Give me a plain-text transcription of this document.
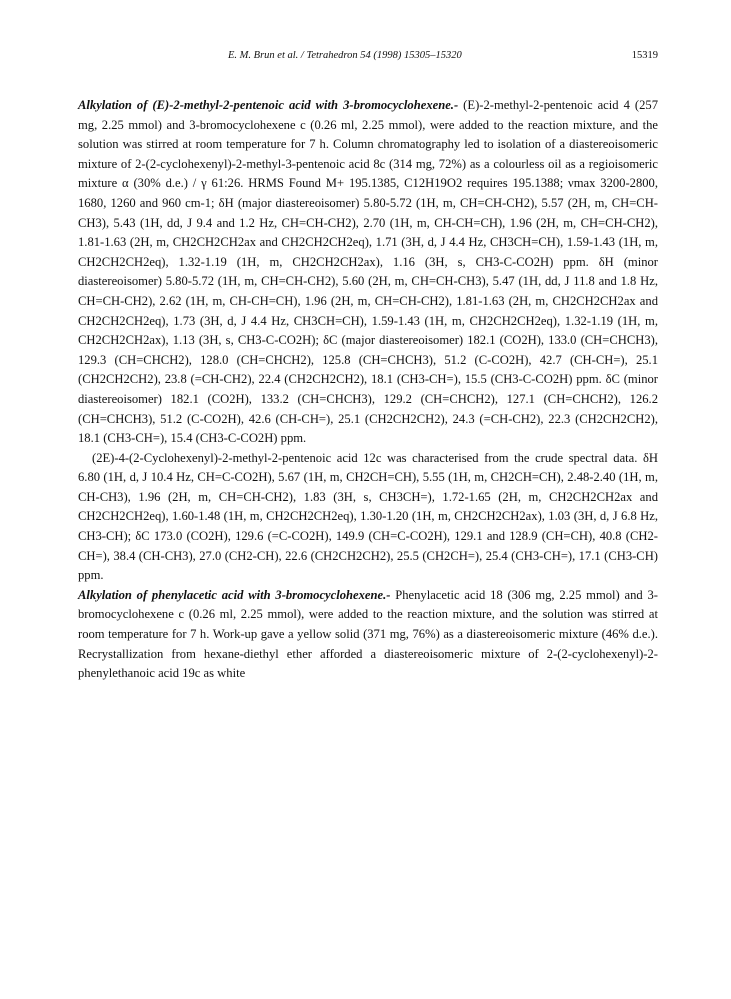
E. M. Brun et al. / Tetrahedron 54 (1998) 15305–15320	15319

Alkylation of (E)-2-methyl-2-pentenoic acid with 3-bromocyclohexene.- (E)-2-methyl-2-pentenoic acid 4 (257 mg, 2.25 mmol) and 3-bromocyclohexene c (0.26 ml, 2.25 mmol), were added to the reaction mixture, and the solution was stirred at room temperature for 7 h. Column chromatography led to isolation of a diastereoisomeric mixture of 2-(2-cyclohexenyl)-2-methyl-3-pentenoic acid 8c (314 mg, 72%) as a colourless oil as a regioisomeric mixture α (30% d.e.) / γ 61:26. HRMS Found M+ 195.1385, C12H19O2 requires 195.1388; νmax 3200-2800, 1680, 1260 and 960 cm-1; δH (major diastereoisomer) 5.80-5.72 (1H, m, CH=CH-CH2), 5.57 (2H, m, CH=CH-CH3), 5.43 (1H, dd, J 9.4 and 1.2 Hz, CH=CH-CH2), 2.70 (1H, m, CH-CH=CH), 1.96 (2H, m, CH=CH-CH2), 1.81-1.63 (2H, m, CH2CH2CH2ax and CH2CH2CH2eq), 1.71 (3H, d, J 4.4 Hz, CH3CH=CH), 1.59-1.43 (1H, m, CH2CH2CH2eq), 1.32-1.19 (1H, m, CH2CH2CH2ax), 1.16 (3H, s, CH3-C-CO2H) ppm. δH (minor diastereoisomer) 5.80-5.72 (1H, m, CH=CH-CH2), 5.60 (2H, m, CH=CH-CH3), 5.47 (1H, dd, J 11.8 and 1.8 Hz, CH=CH-CH2), 2.62 (1H, m, CH-CH=CH), 1.96 (2H, m, CH=CH-CH2), 1.81-1.63 (2H, m, CH2CH2CH2ax and CH2CH2CH2eq), 1.73 (3H, d, J 4.4 Hz, CH3CH=CH), 1.59-1.43 (1H, m, CH2CH2CH2eq), 1.32-1.19 (1H, m, CH2CH2CH2ax), 1.13 (3H, s, CH3-C-CO2H); δC (major diastereoisomer) 182.1 (CO2H), 133.0 (CH=CHCH3), 129.3 (CH=CHCH2), 128.0 (CH=CHCH2), 125.8 (CH=CHCH3), 51.2 (C-CO2H), 42.7 (CH-CH=), 25.1 (CH2CH2CH2), 23.8 (=CH-CH2), 22.4 (CH2CH2CH2), 18.1 (CH3-CH=), 15.5 (CH3-C-CO2H) ppm. δC (minor diastereoisomer) 182.1 (CO2H), 133.2 (CH=CHCH3), 129.2 (CH=CHCH2), 127.1 (CH=CHCH2), 126.2 (CH=CHCH3), 51.2 (C-CO2H), 42.6 (CH-CH=), 25.1 (CH2CH2CH2), 24.3 (=CH-CH2), 22.3 (CH2CH2CH2), 18.1 (CH3-CH=), 15.4 (CH3-C-CO2H) ppm.

(2E)-4-(2-Cyclohexenyl)-2-methyl-2-pentenoic acid 12c was characterised from the crude spectral data. δH 6.80 (1H, d, J 10.4 Hz, CH=C-CO2H), 5.67 (1H, m, CH2CH=CH), 5.55 (1H, m, CH2CH=CH), 2.48-2.40 (1H, m, CH-CH3), 1.96 (2H, m, CH=CH-CH2), 1.83 (3H, s, CH3CH=), 1.72-1.65 (2H, m, CH2CH2CH2ax and CH2CH2CH2eq), 1.60-1.48 (1H, m, CH2CH2CH2eq), 1.30-1.20 (1H, m, CH2CH2CH2ax), 1.03 (3H, d, J 6.8 Hz, CH3-CH); δC 173.0 (CO2H), 129.6 (=C-CO2H), 149.9 (CH=C-CO2H), 129.1 and 128.9 (CH=CH), 40.8 (CH2-CH=), 38.4 (CH-CH3), 27.0 (CH2-CH), 22.6 (CH2CH2CH2), 25.5 (CH2CH=), 25.4 (CH3-CH=), 17.1 (CH3-CH) ppm.

Alkylation of phenylacetic acid with 3-bromocyclohexene.- Phenylacetic acid 18 (306 mg, 2.25 mmol) and 3-bromocyclohexene c (0.26 ml, 2.25 mmol), were added to the reaction mixture, and the solution was stirred at room temperature for 7 h. Work-up gave a yellow solid (371 mg, 76%) as a diastereoisomeric mixture (46% d.e.). Recrystallization from hexane-diethyl ether afforded a diastereoisomeric mixture of 2-(2-cyclohexenyl)-2-phenylethanoic acid 19c as white
